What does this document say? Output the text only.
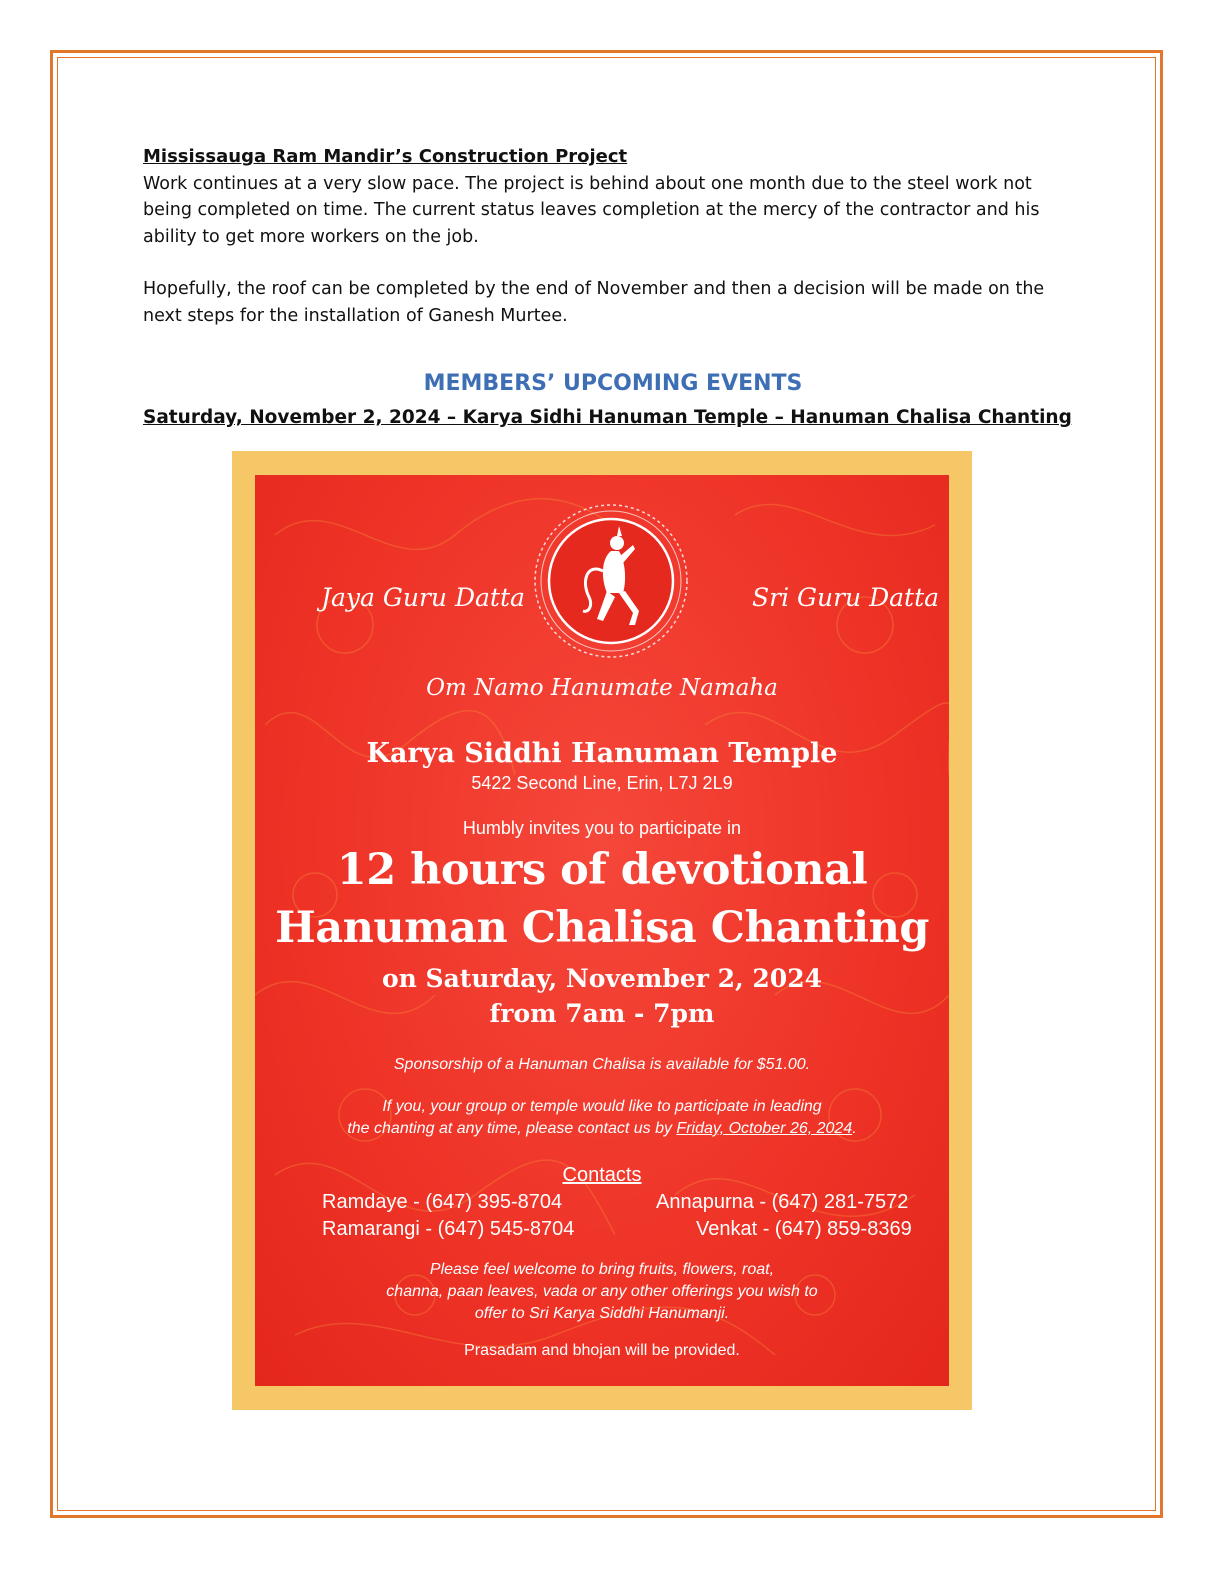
Mississauga Ram Mandir’s Construction Project

Work continues at a very slow pace. The project is behind about one month due to the steel work not being completed on time. The current status leaves completion at the mercy of the contractor and his ability to get more workers on the job.

Hopefully, the roof can be completed by the end of November and then a decision will be made on the next steps for the installation of Ganesh Murtee.

MEMBERS’ UPCOMING EVENTS
Saturday, November 2, 2024 – Karya Sidhi Hanuman Temple – Hanuman Chalisa Chanting
Jaya Guru Datta	Sri Guru Datta
Om Namo Hanumate Namaha
Karya Siddhi Hanuman Temple
5422 Second Line, Erin, L7J 2L9
Humbly invites you to participate in
12 hours of devotional
Hanuman Chalisa Chanting
on Saturday, November 2, 2024
from 7am - 7pm
Sponsorship of a Hanuman Chalisa is available for $51.00.
If you, your group or temple would like to participate in leading
the chanting at any time, please contact us by Friday, October 26, 2024.
Contacts
Ramdaye - (647) 395-8704	Annapurna - (647) 281-7572
Ramarangi - (647) 545-8704	Venkat - (647) 859-8369
Please feel welcome to bring fruits, flowers, roat,
channa, paan leaves, vada or any other offerings you wish to
offer to Sri Karya Siddhi Hanumanji.
Prasadam and bhojan will be provided.
